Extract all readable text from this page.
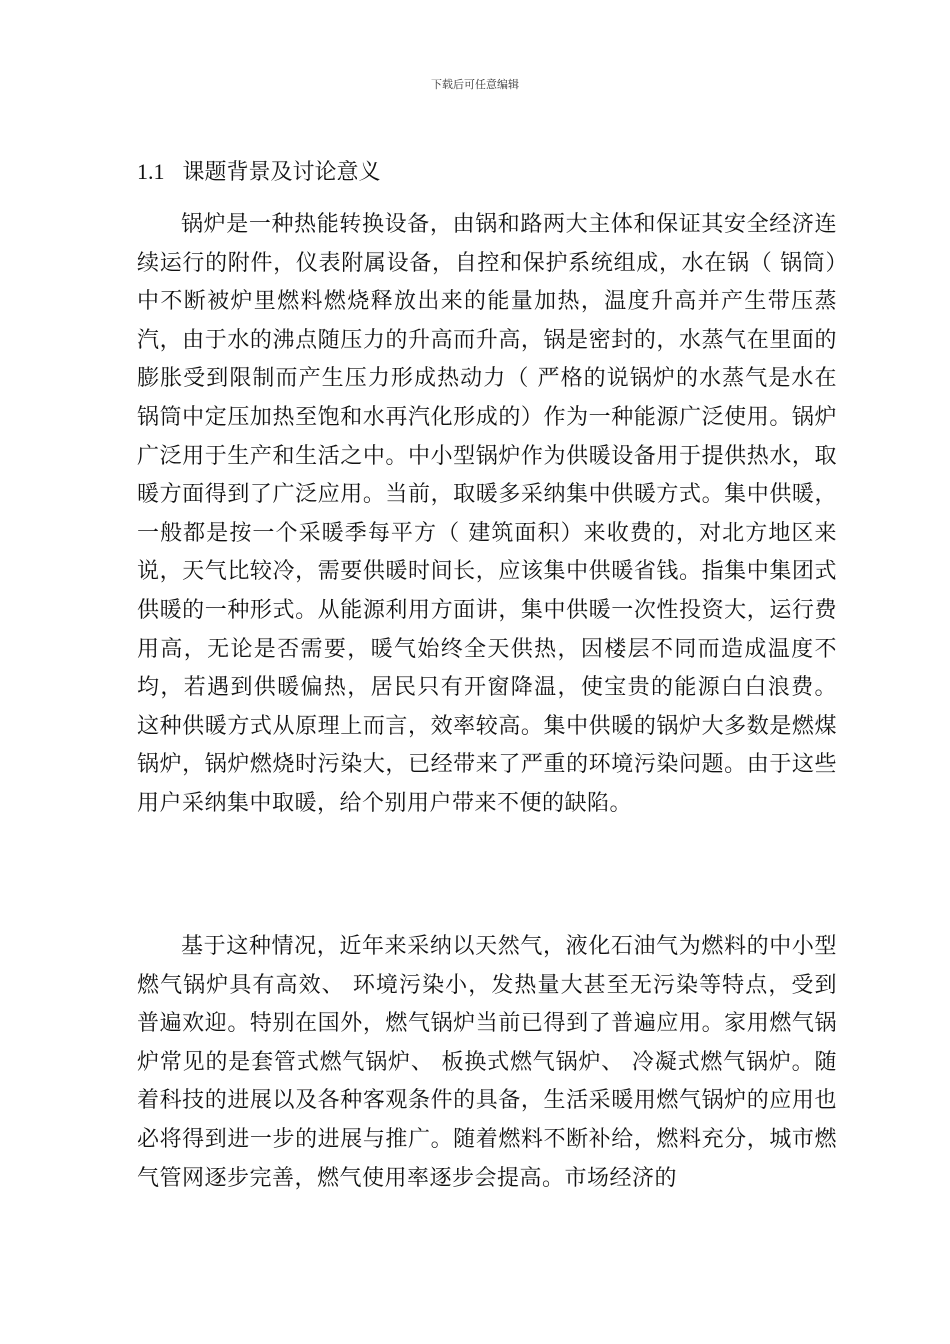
下载后可任意编辑
1.1 课题背景及讨论意义

锅炉是一种热能转换设备，由锅和路两大主体和保证其安全经济连续运行的附件，仪表附属设备，自控和保护系统组成，水在锅（ 锅筒）中不断被炉里燃料燃烧释放出来的能量加热，温度升高并产生带压蒸汽，由于水的沸点随压力的升高而升高，锅是密封的，水蒸气在里面的膨胀受到限制而产生压力形成热动力（ 严格的说锅炉的水蒸气是水在锅筒中定压加热至饱和水再汽化形成的）作为一种能源广泛使用。锅炉广泛用于生产和生活之中。中小型锅炉作为供暖设备用于提供热水，取暖方面得到了广泛应用。当前，取暖多采纳集中供暖方式。集中供暖，一般都是按一个采暖季每平方（ 建筑面积）来收费的，对北方地区来说，天气比较冷，需要供暖时间长，应该集中供暖省钱。指集中集团式供暖的一种形式。从能源利用方面讲，集中供暖一次性投资大，运行费用高，无论是否需要，暖气始终全天供热，因楼层不同而造成温度不均，若遇到供暖偏热，居民只有开窗降温，使宝贵的能源白白浪费。 这种供暖方式从原理上而言，效率较高。集中供暖的锅炉大多数是燃煤锅炉，锅炉燃烧时污染大，已经带来了严重的环境污染问题。由于这些用户采纳集中取暖，给个别用户带来不便的缺陷。

基于这种情况，近年来采纳以天然气，液化石油气为燃料的中小型燃气锅炉具有高效、 环境污染小，发热量大甚至无污染等特点，受到普遍欢迎。特别在国外，燃气锅炉当前已得到了普遍应用。家用燃气锅炉常见的是套管式燃气锅炉、 板换式燃气锅炉、 冷凝式燃气锅炉。随着科技的进展以及各种客观条件的具备，生活采暖用燃气锅炉的应用也必将得到进一步的进展与推广。随着燃料不断补给，燃料充分，城市燃气管网逐步完善，燃气使用率逐步会提高。市场经济的
